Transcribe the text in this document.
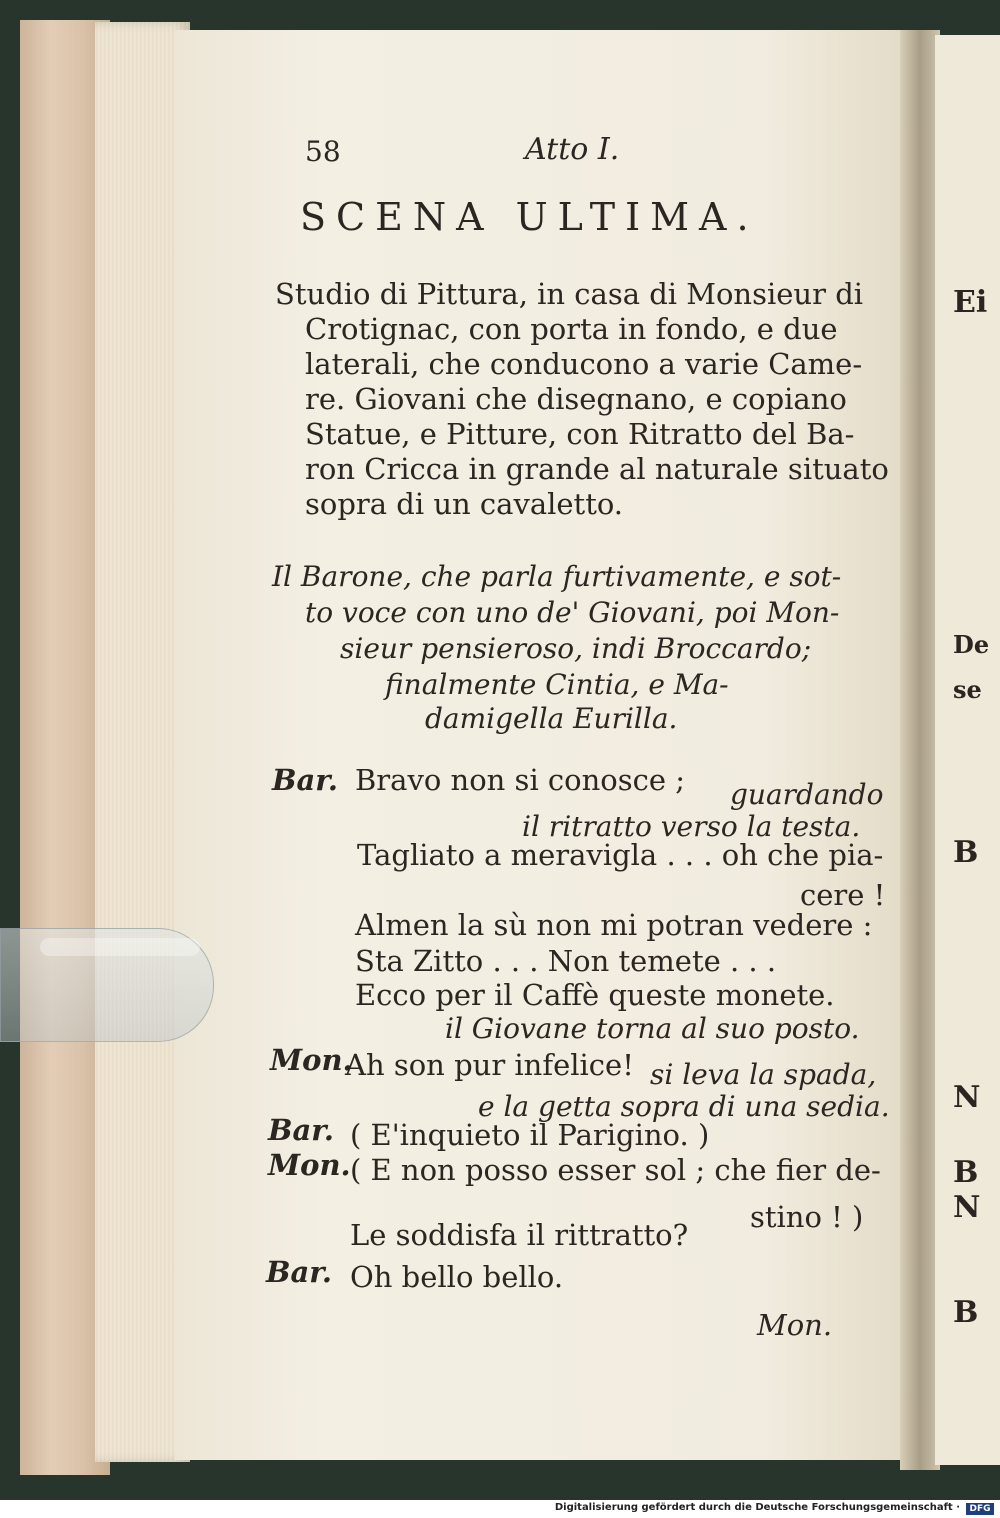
Ei
De
se
B
N
B
N
B
58	Atto I.
SCENA ULTIMA.
Studio di Pittura, in casa di Monsieur di
Crotignac, con porta in fondo, e due
laterali, che conducono a varie Came-
re. Giovani che disegnano, e copiano
Statue, e Pitture, con Ritratto del Ba-
ron Cricca in grande al naturale situato
sopra di un cavaletto.
Il Barone, che parla furtivamente, e sot-
to voce con uno de' Giovani, poi Mon-
sieur pensieroso, indi Broccardo;
finalmente Cintia, e Ma-
damigella Eurilla.
Bar. Bravo non si conosce ; guardando
il ritratto verso la testa.
Tagliato a meravigla . . . oh che pia-
cere !
Almen la sù non mi potran vedere :
Sta Zitto . . . Non temete . . .
Ecco per il Caffè queste monete.
il Giovane torna al suo posto.
Mon.
Ah son pur infelice! si leva la spada,
e la getta sopra di una sedia.
Bar. ( E'inquieto il Parigino. )
Mon. ( E non posso esser sol ; che fier de-
stino ! )
Le soddisfa il rittratto?
Bar. Oh bello bello.
Mon.
Digitalisierung gefördert durch die Deutsche Forschungsgemeinschaft ·	DFG
